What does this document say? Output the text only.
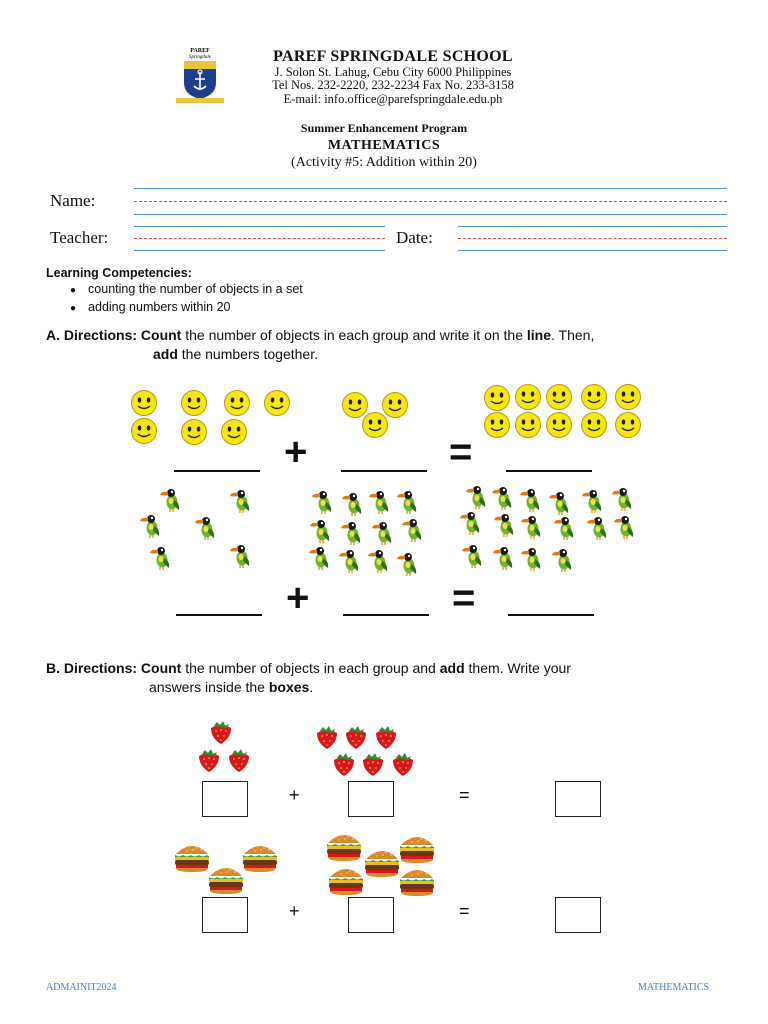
PAREF
Springdale	PAREF SPRINGDALE SCHOOL
J. Solon St. Lahug, Cebu City 6000 Philippines
Tel Nos. 232-2220, 232-2234 Fax No. 233-3158
E-mail: info.office@parefspringdale.edu.ph
Summer Enhancement Program
MATHEMATICS
(Activity #5: Addition within 20)
Name:
Teacher:	Date:
Learning Competencies:
● counting the number of objects in a set
● adding numbers within 20
A. Directions: Count the number of objects in each group and write it on the line. Then,
add the numbers together.
+	=
+	=
B. Directions: Count the number of objects in each group and add them. Write your
answers inside the boxes.
+	=
+	=
ADMAINIT2024	MATHEMATICS
